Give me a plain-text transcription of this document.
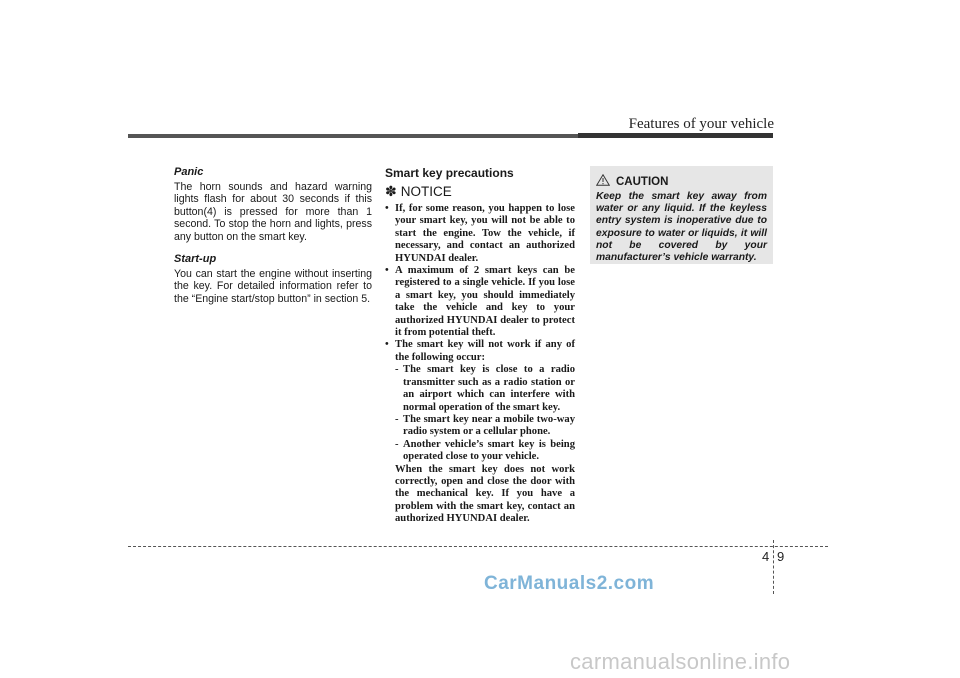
Features of your vehicle
Panic

The horn sounds and hazard warning lights flash for about 30 seconds if this button(4) is pressed for more than 1 second. To stop the horn and lights, press any button on the smart key.

Start-up

You can start the engine without inserting the key. For detailed information refer to the “Engine start/stop button” in section 5.

Smart key precautions
✽ NOTICE

• If, for some reason, you happen to lose your smart key, you will not be able to start the engine. Tow the vehicle, if necessary, and contact an authorized HYUNDAI dealer.

• A maximum of 2 smart keys can be registered to a single vehicle. If you lose a smart key, you should immediately take the vehicle and key to your authorized HYUNDAI dealer to protect it from potential theft.

• The smart key will not work if any of the following occur:

- The smart key is close to a radio transmitter such as a radio station or an airport which can interfere with normal operation of the smart key.

- The smart key near a mobile two-way radio system or a cellular phone.

- Another vehicle’s smart key is being operated close to your vehicle.

When the smart key does not work correctly, open and close the door with the mechanical key. If you have a problem with the smart key, contact an authorized HYUNDAI dealer.

CAUTION

Keep the smart key away from water or any liquid. If the keyless entry system is inoperative due to exposure to water or liquids, it will not be covered by your manufacturer’s vehicle warranty.

4 9
CarManuals2.com
carmanualsonline.info
